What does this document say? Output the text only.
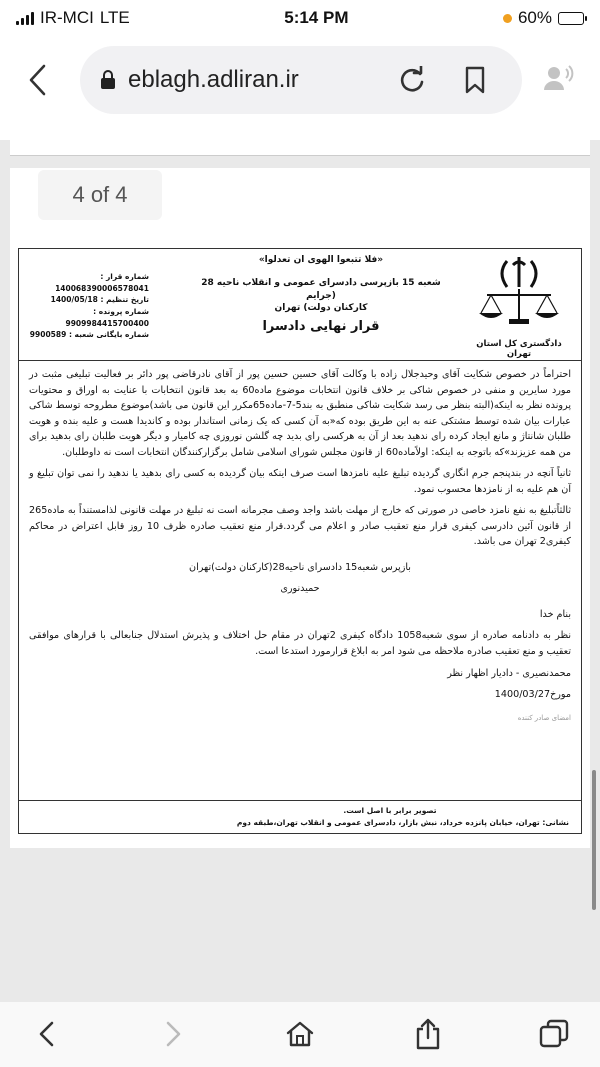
IR-MCI LTE	5:14 PM	60%
eblagh.adliran.ir
دادگستری کل استان تهران
«فلا تتبعوا الهوی ان تعدلوا»
شعبه 15 بازپرسی دادسرای عمومی و انقلاب ناحیه 28 (جرایم
کارکنان دولت) تهران
قرار نهایی دادسرا
شماره قرار : 140068390006578041
تاریخ تنظیم : 1400/05/18
شماره پرونده : 9909984415700400
شماره بایگانی شعبه : 9900589

احتراماً در خصوص شکایت آقای وحیدجلال زاده با وکالت آقای حسین حسین پور از آقای نادرقاضی پور دائر بر فعالیت تبلیغی مثبت در مورد سایرین و منفی در خصوص شاکی بر خلاف قانون انتخابات موضوع ماده60 به بعد قانون انتخابات با عنایت به اوراق و محتویات پرونده نظر به اینکه(البته بنظر می رسد شکایت شاکی منطبق به بند5-7-ماده65مکرر این قانون می باشد)موضوع مطروحه توسط شاکی عبارات بیان شده توسط مشتکی عنه به این طریق بوده که«به آن کسی که یک زمانی استاندار بوده و کاندیدا هست و علیه بنده و هویت طلبان شانتاژ و مانع ایجاد کرده رای ندهید بعد از آن به هرکسی رای بدید چه گلشن نوروزی چه کامیار و دیگر هویت طلبان رای بدهید برای من همه عزیزند»که باتوجه به اینکه: اولاًماده60 از قانون مجلس شورای اسلامی شامل برگزارکنندگان انتخابات است نه داوطلبان.

ثانیاً آنچه در بندپنجم جرم انگاری گردیده تبلیغ علیه نامزدها است صرف اینکه بیان گردیده به کسی رای بدهید یا ندهید را نمی توان تبلیغ و آن هم علیه به از نامزدها محسوب نمود.

ثالثاًتبلیغ به نفع نامزد خاصی در صورتی که خارج از مهلت باشد واجد وصف مجرمانه است نه تبلیغ در مهلت قانونی لذامستنداً به ماده265 از قانون آئین دادرسی کیفری قرار منع تعقیب صادر و اعلام می گردد.قرار منع تعقیب صادره ظرف 10 روز قابل اعتراض در محاکم کیفری2 تهران می باشد.

بازپرس شعبه15 دادسرای ناحیه28(کارکنان دولت)تهران

حمیدنوری

بنام خدا

نظر به دادنامه صادره از سوی شعبه1058 دادگاه کیفری 2تهران در مقام حل اختلاف و پذیرش استدلال جنابعالی با قرارهای موافقی تعقیب و منع تعقیب صادره ملاحظه می شود امر به ابلاغ قرارمورد استدعا است.

محمدنصیری - دادیار اظهار نظر

مورخ1400/03/27

امضای صادر کننده
تصویر برابر با اصل است.
نشانی: تهران، خیابان پانزده خرداد، نبش بازار، دادسرای عمومی و انقلاب تهران،طبقه دوم
4 of 4
